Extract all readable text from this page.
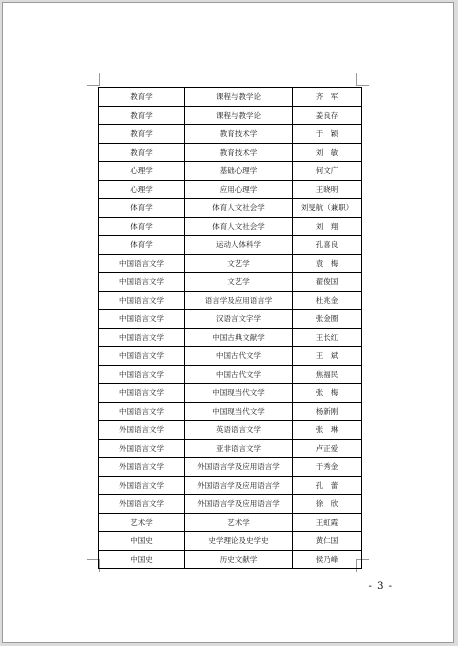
教育学	课程与教学论	齐　军
教育学	课程与教学论	姜良存
教育学	教育技术学	于　颖
教育学	教育技术学	刘　敏
心理学	基础心理学	何文广
心理学	应用心理学	王晓明
体育学	体育人文社会学	刘旻航（兼职）
体育学	体育人文社会学	刘　翔
体育学	运动人体科学	孔喜良
中国语言文学	文艺学	袁　梅
中国语言文学	文艺学	翟俊国
中国语言文学	语言学及应用语言学	杜兆金
中国语言文学	汉语言文字学	张金圈
中国语言文学	中国古典文献学	王长红
中国语言文学	中国古代文学	王　斌
中国语言文学	中国古代文学	焦福民
中国语言文学	中国现当代文学	张　梅
中国语言文学	中国现当代文学	杨新刚
外国语言文学	英语语言文学	张　琳
外国语言文学	亚非语言文学	卢正爱
外国语言文学	外国语言学及应用语言学	于秀金
外国语言文学	外国语言学及应用语言学	孔　蕾
外国语言文学	外国语言学及应用语言学	徐　欣
艺术学	艺术学	王虹霞
中国史	史学理论及史学史	黄仁国
中国史	历史文献学	侯乃峰
- 3 -
